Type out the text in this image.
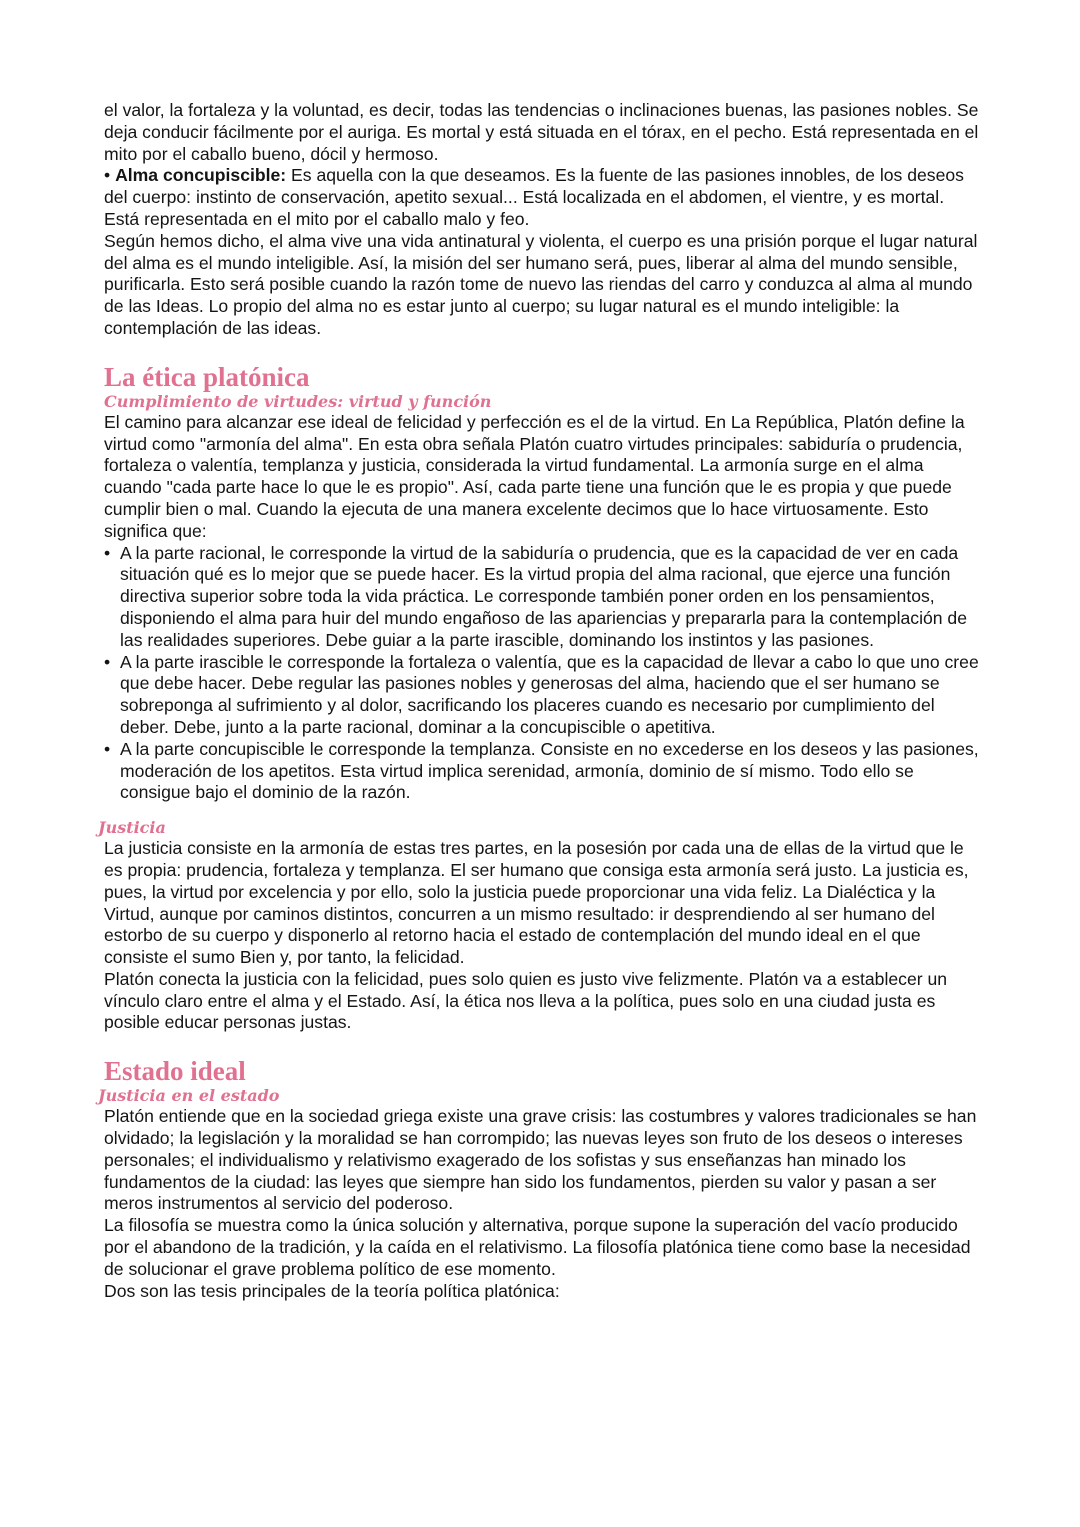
el valor, la fortaleza y la voluntad, es decir, todas las tendencias o inclinaciones buenas, las pasiones nobles. Se deja conducir fácilmente por el auriga. Es mortal y está situada en el tórax, en el pecho. Está representada en el mito por el caballo bueno, dócil y hermoso.

• Alma concupiscible: Es aquella con la que deseamos. Es la fuente de las pasiones innobles, de los deseos del cuerpo: instinto de conservación, apetito sexual... Está localizada en el abdomen, el vientre, y es mortal. Está representada en el mito por el caballo malo y feo.

Según hemos dicho, el alma vive una vida antinatural y violenta, el cuerpo es una prisión porque el lugar natural del alma es el mundo inteligible. Así, la misión del ser humano será, pues, liberar al alma del mundo sensible, purificarla. Esto será posible cuando la razón tome de nuevo las riendas del carro y conduzca al alma al mundo de las Ideas. Lo propio del alma no es estar junto al cuerpo; su lugar natural es el mundo inteligible: la contemplación de las ideas.

La ética platónica
Cumplimiento de virtudes: virtud y función

El camino para alcanzar ese ideal de felicidad y perfección es el de la virtud. En La República, Platón define la virtud como "armonía del alma". En esta obra señala Platón cuatro virtudes principales: sabiduría o prudencia, fortaleza o valentía, templanza y justicia, considerada la virtud fundamental. La armonía surge en el alma cuando "cada parte hace lo que le es propio". Así, cada parte tiene una función que le es propia y que puede cumplir bien o mal. Cuando la ejecuta de una manera excelente decimos que lo hace virtuosamente. Esto significa que:

• A la parte racional, le corresponde la virtud de la sabiduría o prudencia, que es la capacidad de ver en cada situación qué es lo mejor que se puede hacer. Es la virtud propia del alma racional, que ejerce una función directiva superior sobre toda la vida práctica. Le corresponde también poner orden en los pensamientos, disponiendo el alma para huir del mundo engañoso de las apariencias y prepararla para la contemplación de las realidades superiores. Debe guiar a la parte irascible, dominando los instintos y las pasiones.
• A la parte irascible le corresponde la fortaleza o valentía, que es la capacidad de llevar a cabo lo que uno cree que debe hacer. Debe regular las pasiones nobles y generosas del alma, haciendo que el ser humano se sobreponga al sufrimiento y al dolor, sacrificando los placeres cuando es necesario por cumplimiento del deber. Debe, junto a la parte racional, dominar a la concupiscible o apetitiva.
• A la parte concupiscible le corresponde la templanza. Consiste en no excederse en los deseos y las pasiones, moderación de los apetitos. Esta virtud implica serenidad, armonía, dominio de sí mismo. Todo ello se consigue bajo el dominio de la razón.
Justicia

La justicia consiste en la armonía de estas tres partes, en la posesión por cada una de ellas de la virtud que le es propia: prudencia, fortaleza y templanza. El ser humano que consiga esta armonía será justo. La justicia es, pues, la virtud por excelencia y por ello, solo la justicia puede proporcionar una vida feliz. La Dialéctica y la Virtud, aunque por caminos distintos, concurren a un mismo resultado: ir desprendiendo al ser humano del estorbo de su cuerpo y disponerlo al retorno hacia el estado de contemplación del mundo ideal en el que consiste el sumo Bien y, por tanto, la felicidad.

Platón conecta la justicia con la felicidad, pues solo quien es justo vive felizmente. Platón va a establecer un vínculo claro entre el alma y el Estado. Así, la ética nos lleva a la política, pues solo en una ciudad justa es posible educar personas justas.

Estado ideal
Justicia en el estado

Platón entiende que en la sociedad griega existe una grave crisis: las costumbres y valores tradicionales se han olvidado; la legislación y la moralidad se han corrompido; las nuevas leyes son fruto de los deseos o intereses personales; el individualismo y relativismo exagerado de los sofistas y sus enseñanzas han minado los fundamentos de la ciudad: las leyes que siempre han sido los fundamentos, pierden su valor y pasan a ser meros instrumentos al servicio del poderoso.

La filosofía se muestra como la única solución y alternativa, porque supone la superación del vacío producido por el abandono de la tradición, y la caída en el relativismo. La filosofía platónica tiene como base la necesidad de solucionar el grave problema político de ese momento.

Dos son las tesis principales de la teoría política platónica:
